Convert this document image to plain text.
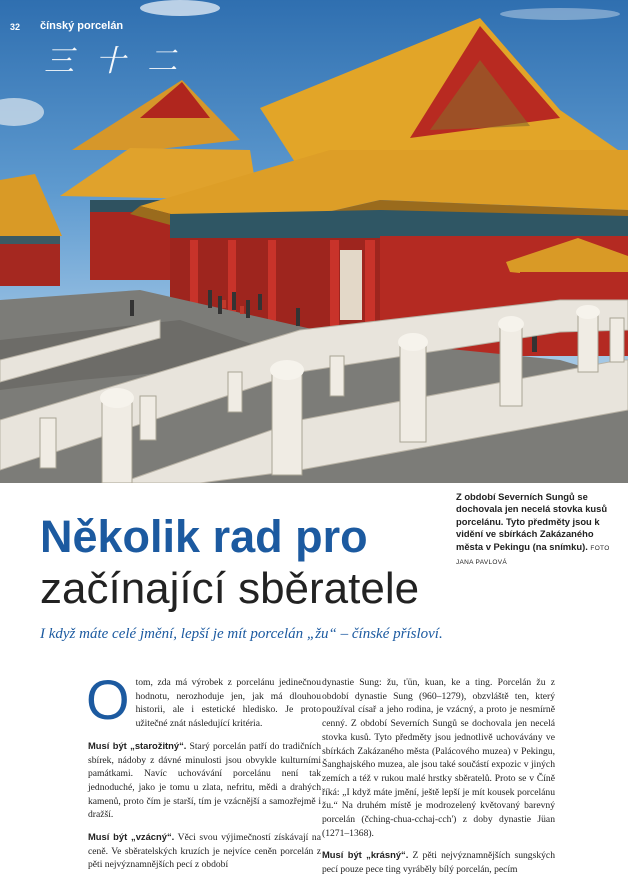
32 čínský porcelán
三 十 二
Z období Severních Sungů se dochovala jen necelá stovka kusů porcelánu. Tyto předměty jsou k vidění ve sbírkách Zakázaného města v Pekingu (na snímku). FOTO JANA PAVLOVÁ
Několik rad pro
začínající sběratele
I když máte celé jmění, lepší je mít porcelán „žu“ – čínské přísloví.

O tom, zda má výrobek z porcelánu jedinečnou hodnotu, nerozhoduje jen, jak má dlouhou historii, ale i estetické hledisko. Je proto užitečné znát následující kritéria.

Musí být „starožitný“. Starý porcelán patří do tradičních sbírek, nádoby z dávné minulosti jsou obvykle kulturními památkami. Navíc uchovávání porcelánu není tak jednoduché, jako je tomu u zlata, nefritu, mědi a drahých kamenů, proto čím je starší, tím je vzácnější a samozřejmě i dražší.

Musí být „vzácný“. Věci svou výjimečností získávají na ceně. Ve sběratelských kruzích je nejvíce ceněn porcelán z pěti nejvýznamnějších pecí z období

dynastie Sung: žu, ťün, kuan, ke a ting. Porcelán žu z období dynastie Sung (960–1279), obzvláště ten, který používal císař a jeho rodina, je vzácný, a proto je nesmírně cenný. Z období Severních Sungů se dochovala jen necelá stovka kusů. Tyto předměty jsou jednotlivě uchovávány ve sbírkách Zakázaného města (Palácového muzea) v Pekingu, Šanghajského muzea, ale jsou také součástí expozic v jiných zemích a též v rukou malé hrstky sběratelů. Proto se v Číně říká: „I když máte jmění, ještě lepší je mít kousek porcelánu žu.“ Na druhém místě je modrozelený květovaný barevný porcelán (čching-chua-cchaj-cch') z doby dynastie Jüan (1271–1368).

Musí být „krásný“. Z pěti nejvýznamnějších sungských pecí pouze pece ting vyráběly bílý porcelán, pecím
